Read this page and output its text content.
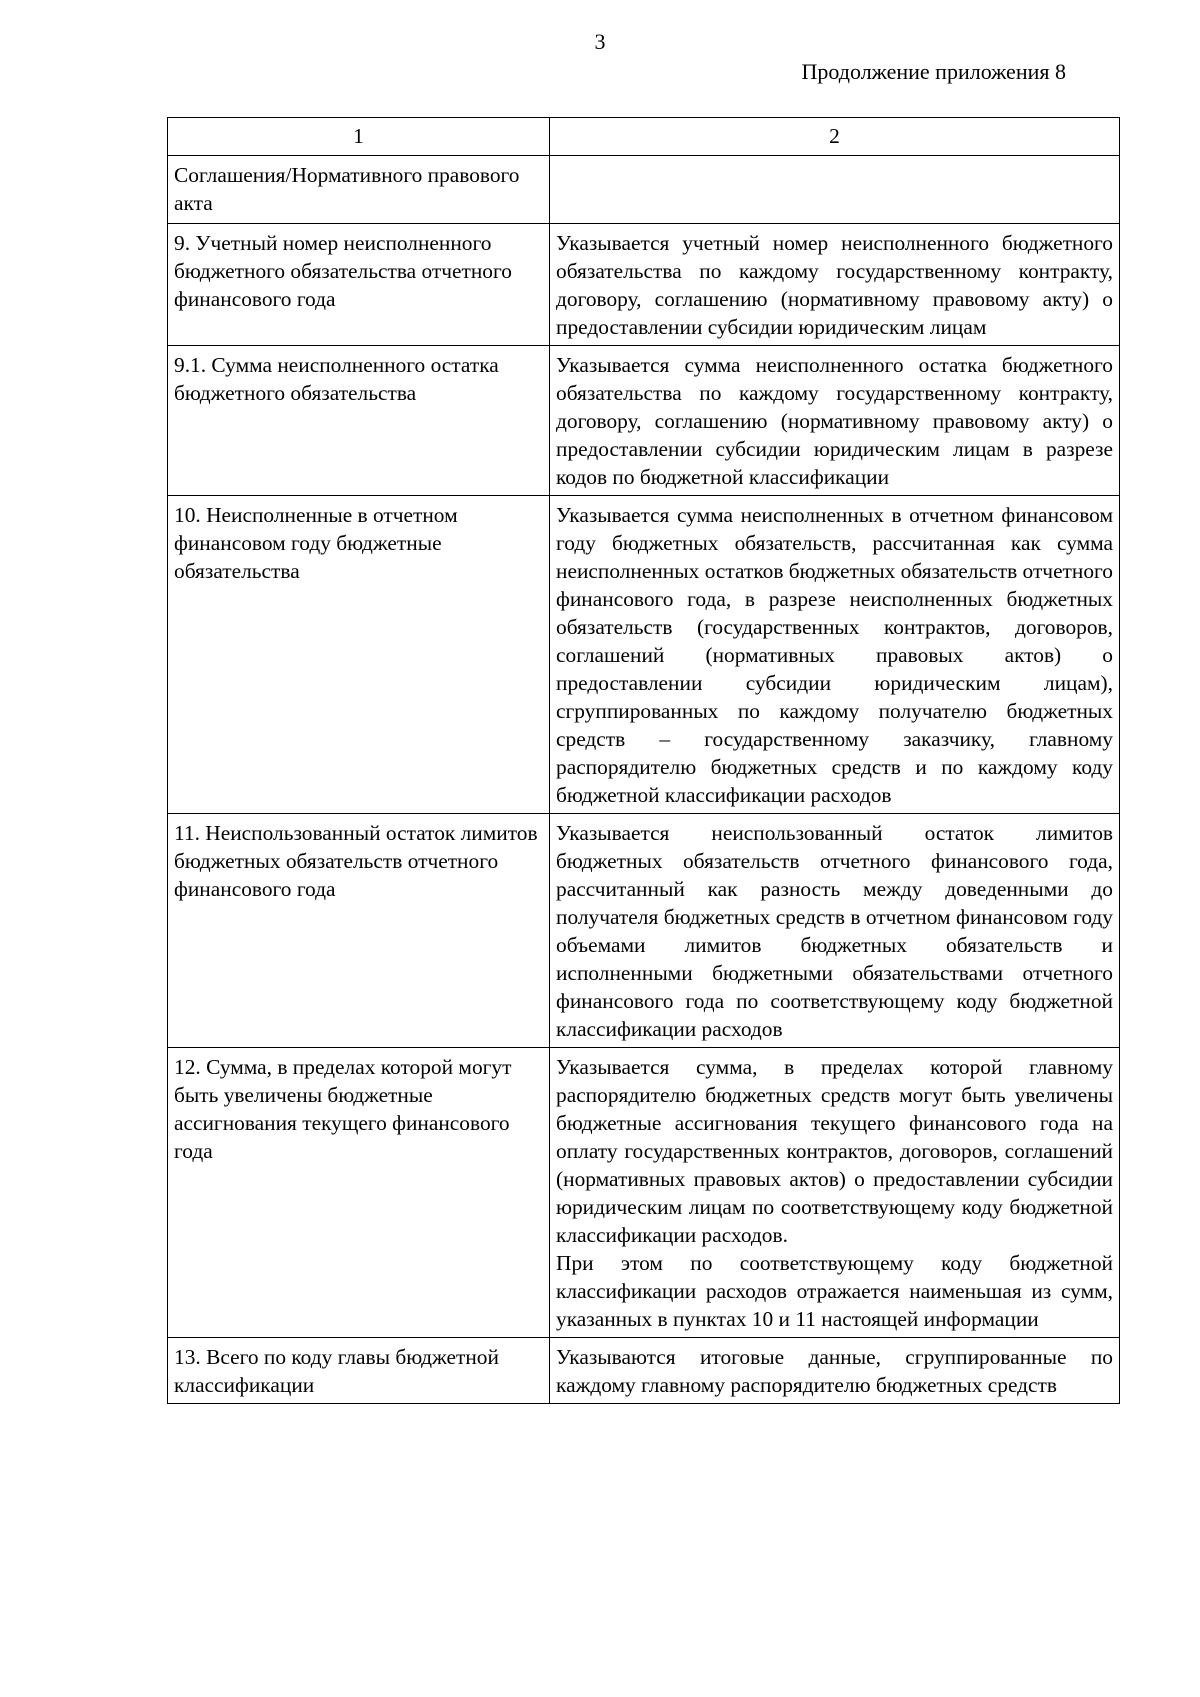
3
Продолжение приложения 8
1	2
Соглашения/Нормативного правового акта	
9. Учетный номер неисполненного бюджетного обязательства отчетного финансового года	Указывается учетный номер неисполненного бюджетного обязательства по каждому государственному контракту, договору, соглашению (нормативному правовому акту) о предоставлении субсидии юридическим лицам

9.1. Сумма неисполненного остатка бюджетного обязательства	Указывается сумма неисполненного остатка бюджетного обязательства по каждому государственному контракту, договору, соглашению (нормативному правовому акту) о предоставлении субсидии юридическим лицам в разрезе кодов по бюджетной классификации

10. Неисполненные в отчетном финансовом году бюджетные обязательства	Указывается сумма неисполненных в отчетном финансовом году бюджетных обязательств, рассчитанная как сумма неисполненных остатков бюджетных обязательств отчетного финансового года, в разрезе неисполненных бюджетных обязательств (государственных контрактов, договоров, соглашений (нормативных правовых актов) о предоставлении субсидии юридическим лицам), сгруппированных по каждому получателю бюджетных средств – государственному заказчику, главному распорядителю бюджетных средств и по каждому коду бюджетной классификации расходов

11. Неиспользованный остаток лимитов бюджетных обязательств отчетного финансового года	Указывается неиспользованный остаток лимитов бюджетных обязательств отчетного финансового года, рассчитанный как разность между доведенными до получателя бюджетных средств в отчетном финансовом году объемами лимитов бюджетных обязательств и исполненными бюджетными обязательствами отчетного финансового года по соответствующему коду бюджетной классификации расходов

12. Сумма, в пределах которой могут быть увеличены бюджетные ассигнования текущего финансового года	Указывается сумма, в пределах которой главному распорядителю бюджетных средств могут быть увеличены бюджетные ассигнования текущего финансового года на оплату государственных контрактов, договоров, соглашений (нормативных правовых актов) о предоставлении субсидии юридическим лицам по соответствующему коду бюджетной классификации расходов.
При этом по соответствующему коду бюджетной классификации расходов отражается наименьшая из сумм, указанных в пунктах 10 и 11 настоящей информации

13. Всего по коду главы бюджетной классификации	Указываются итоговые данные, сгруппированные по каждому главному распорядителю бюджетных средств
